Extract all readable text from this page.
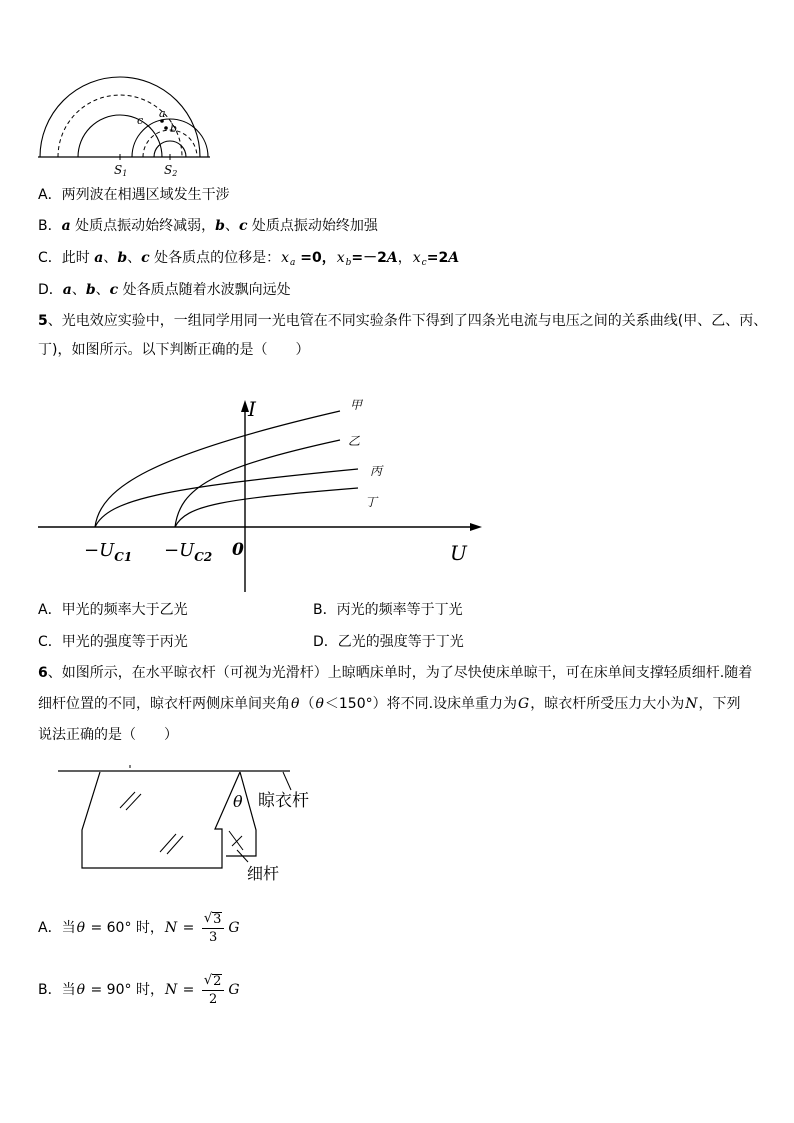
a
b
c
S1	S2
A．两列波在相遇区域发生干涉
B．a 处质点振动始终减弱，b、c 处质点振动始终加强
C．此时 a、b、c 处各质点的位移是：$x_a =0$，$x_b=-2A$，$x_c=2A$
D．a、b、c 处各质点随着水波飘向远处
5、光电效应实验中，一组同学用同一光电管在不同实验条件下得到了四条光电流与电压之间的关系曲线(甲、乙、丙、
丁)，如图所示。以下判断正确的是（　　）
I
U
0
$-U_{C1} -U_{C2}$
甲
乙
丙
丁
A．甲光的频率大于乙光	B．丙光的频率等于丁光
C．甲光的强度等于丙光	D．乙光的强度等于丁光
6、如图所示，在水平晾衣杆（可视为光滑杆）上晾晒床单时，为了尽快使床单晾干，可在床单间支撑轻质细杆.随着
细杆位置的不同，晾衣杆两侧床单间夹角θ（θ＜150°）将不同.设床单重力为G，晾衣杆所受压力大小为N，下列
说法正确的是（　　）
θ 晾衣杆
细杆
A． 当 θ = 60° 时， $N = \frac{√ 3}{3}$ G
B． 当 θ = 90° 时， $N = \frac{√ 2}{2}$ G
